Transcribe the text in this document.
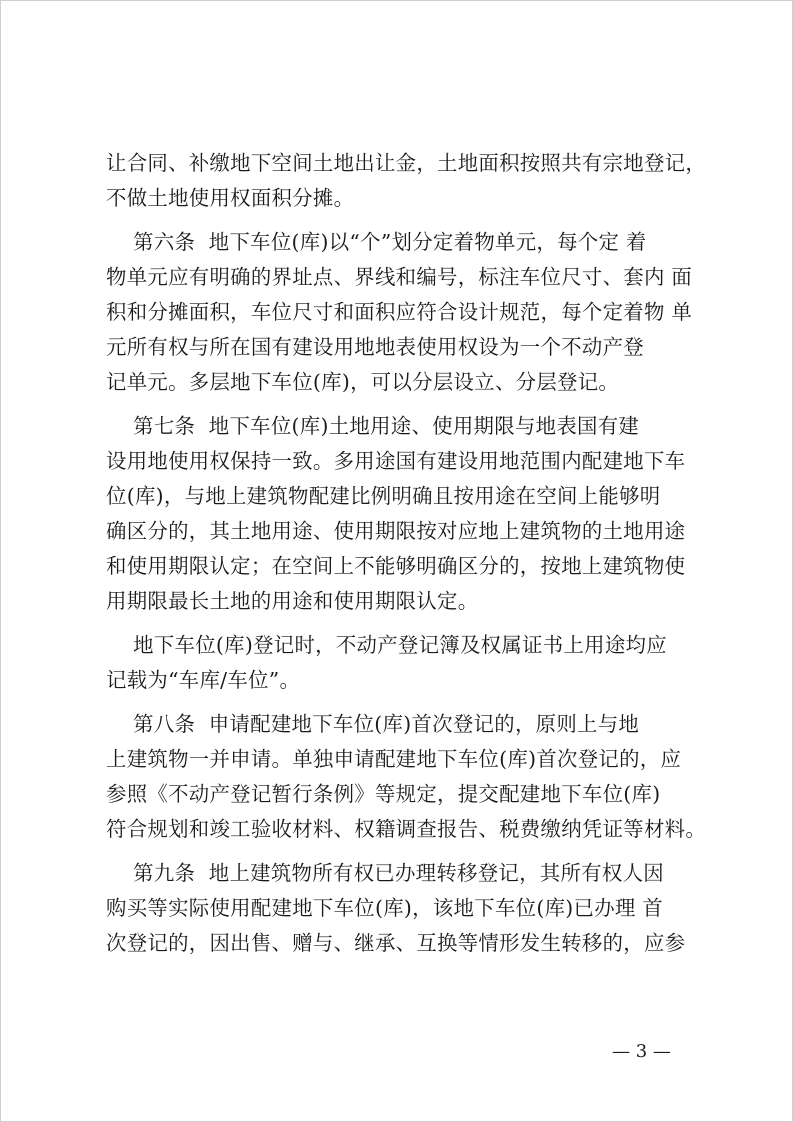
让合同、补缴地下空间土地出让金，土地面积按照共有宗地登记，
不做土地使用权面积分摊。
第六条  地下车位(库)以“个”划分定着物单元，每个定 着
物单元应有明确的界址点、界线和编号，标注车位尺寸、套内 面
积和分摊面积，车位尺寸和面积应符合设计规范，每个定着物 单
元所有权与所在国有建设用地地表使用权设为一个不动产登
记单元。多层地下车位(库)，可以分层设立、分层登记。
第七条  地下车位(库)土地用途、使用期限与地表国有建
设用地使用权保持一致。多用途国有建设用地范围内配建地下车
位(库)，与地上建筑物配建比例明确且按用途在空间上能够明
确区分的，其土地用途、使用期限按对应地上建筑物的土地用途
和使用期限认定；在空间上不能够明确区分的，按地上建筑物使
用期限最长土地的用途和使用期限认定。
地下车位(库)登记时，不动产登记簿及权属证书上用途均应
记载为“车库/车位”。
第八条  申请配建地下车位(库)首次登记的，原则上与地
上建筑物一并申请。单独申请配建地下车位(库)首次登记的，应
参照《不动产登记暂行条例》等规定，提交配建地下车位(库)
符合规划和竣工验收材料、权籍调查报告、税费缴纳凭证等材料。
第九条  地上建筑物所有权已办理转移登记，其所有权人因
购买等实际使用配建地下车位(库)，该地下车位(库)已办理 首
次登记的，因出售、赠与、继承、互换等情形发生转移的，应参
— 3 —
